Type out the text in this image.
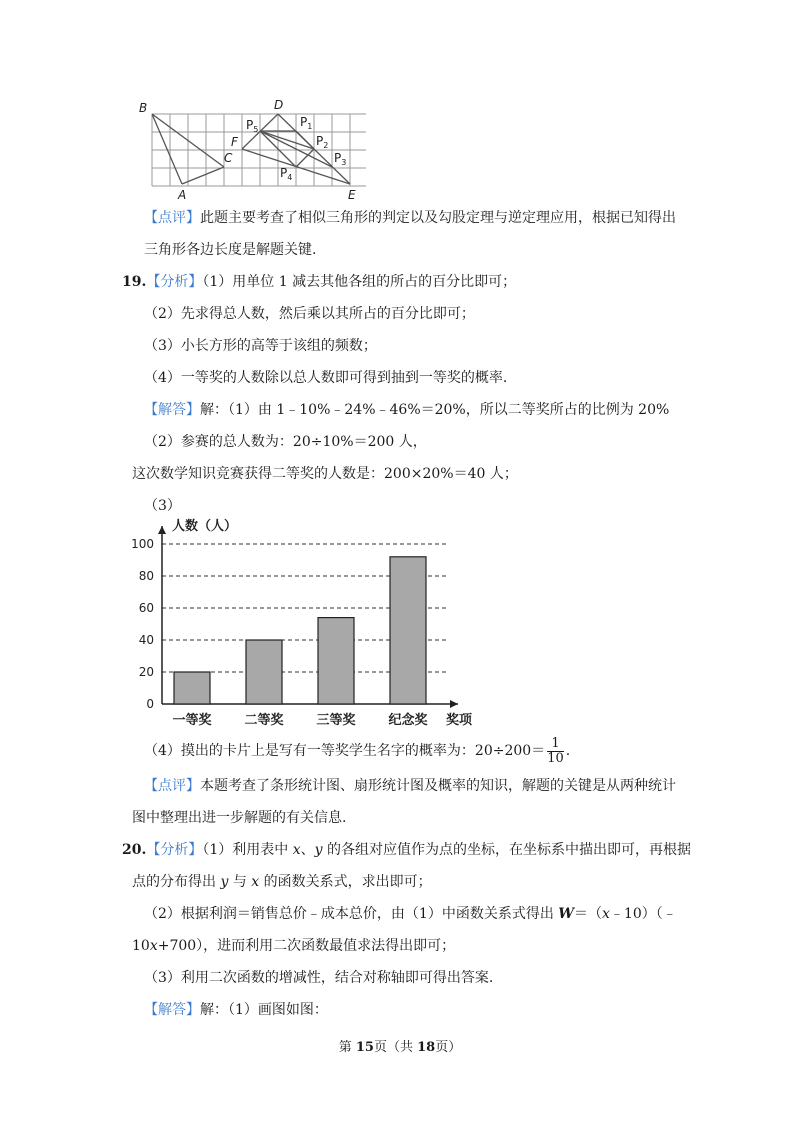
B
A
C
D
E
F
$P_5$
$P_1$
$P_2$
$P_3$
$P_4$
【点评】此题主要考查了相似三角形的判定以及勾股定理与逆定理应用，根据已知得出
三角形各边长度是解题关键.
19.【分析】（1）用单位 1 减去其他各组的所占的百分比即可；
（2）先求得总人数，然后乘以其所占的百分比即可；
（3）小长方形的高等于该组的频数；
（4）一等奖的人数除以总人数即可得到抽到一等奖的概率.
【解答】解：（1）由 1﹣10%﹣24%﹣46%＝20%，所以二等奖所占的比例为 20%
（2）参赛的总人数为：20÷10%＝200 人，
这次数学知识竞赛获得二等奖的人数是：200×20%＝40 人；
（3）
0
20
40
60
80
100
人数（人）
奖项
一等奖	二等奖	三等奖	纪念奖
（4）摸出的卡片上是写有一等奖学生名字的概率为：$20\div 200= \frac{1}{10}$ .
【点评】本题考查了条形统计图、扇形统计图及概率的知识，解题的关键是从两种统计
图中整理出进一步解题的有关信息.
20.【分析】（1）利用表中 x、y 的各组对应值作为点的坐标，在坐标系中描出即可，再根据
点的分布得出 y 与 x 的函数关系式，求出即可；
（2）根据利润＝销售总价﹣成本总价，由（1）中函数关系式得出 W＝（x﹣10）（﹣
10x+700），进而利用二次函数最值求法得出即可；
（3）利用二次函数的增减性，结合对称轴即可得出答案.
【解答】解：（1）画图如图：
第 15页（共 18页）
